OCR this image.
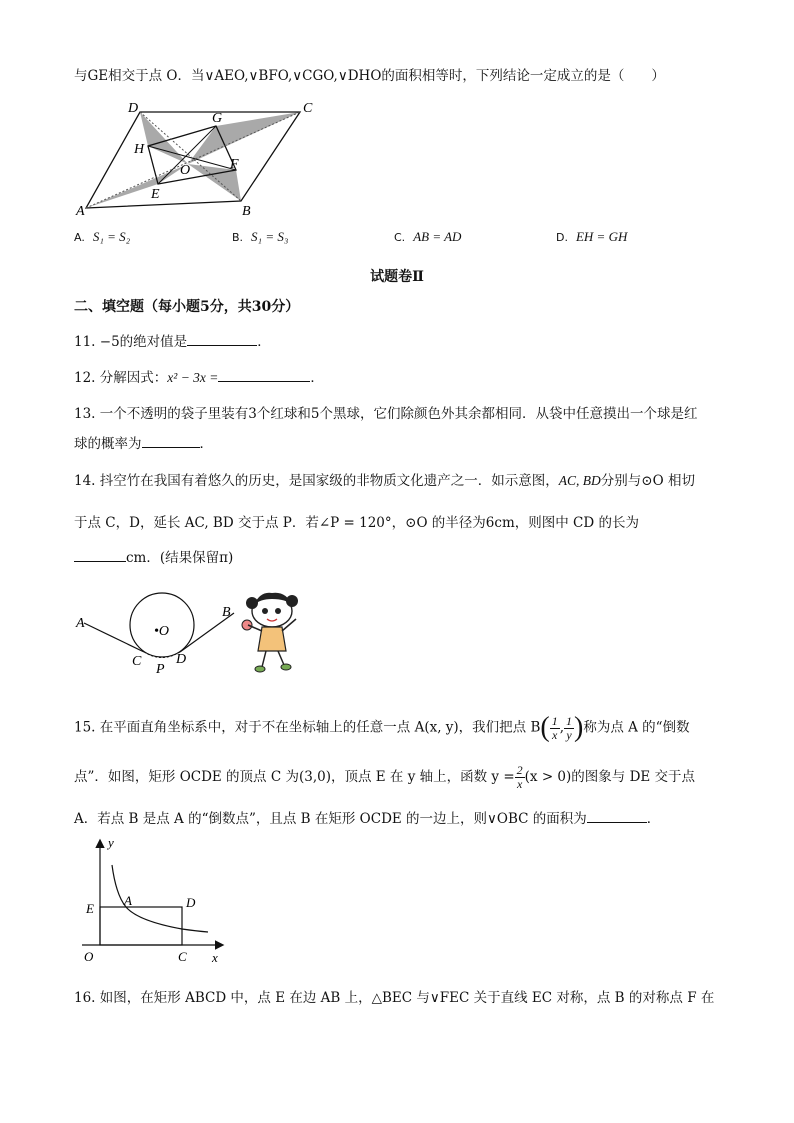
与GE相交于点 O．当∨AEO,∨BFO,∨CGO,∨DHO的面积相等时，下列结论一定成立的是（　　）
D	C
A	B
G
H
F
E
O
A. S₁ = S₂	B. S₁ = S₃	C. AB = AD	D. EH = GH
试题卷Ⅱ
二、填空题（每小题5分，共30分）
11. −5的绝对值是	．
12. 分解因式：x² − 3x =	．
13. 一个不透明的袋子里装有3个红球和5个黑球，它们除颜色外其余都相同．从袋中任意摸出一个球是红
球的概率为	．
14. 抖空竹在我国有着悠久的历史，是国家级的非物质文化遗产之一．如示意图，AC, BD分别与⊙O 相切
于点 C，D，延长 AC, BD 交于点 P．若∠P = 120°，⊙O 的半径为6cm，则图中 CD 的长为
cm．(结果保留π)
A
B
•O
C D
P
15. 在平面直角坐标系中，对于不在坐标轴上的任意一点 A(x, y)，我们把点 $B( \frac{1}{x}$ , $\frac{1}{y}$ )称为点 A 的“倒数
点”．如图，矩形 OCDE 的顶点 C 为(3,0)，顶点 E 在 y 轴上，函数 $y = \frac{2}{x} (x > 0)$的图象与 DE 交于点
A．若点 B 是点 A 的“倒数点”，且点 B 在矩形 OCDE 的一边上，则∨OBC 的面积为	．
y
x
O
E
A	D
C
16. 如图，在矩形 ABCD 中，点 E 在边 AB 上，△BEC 与∨FEC 关于直线 EC 对称，点 B 的对称点 F 在
